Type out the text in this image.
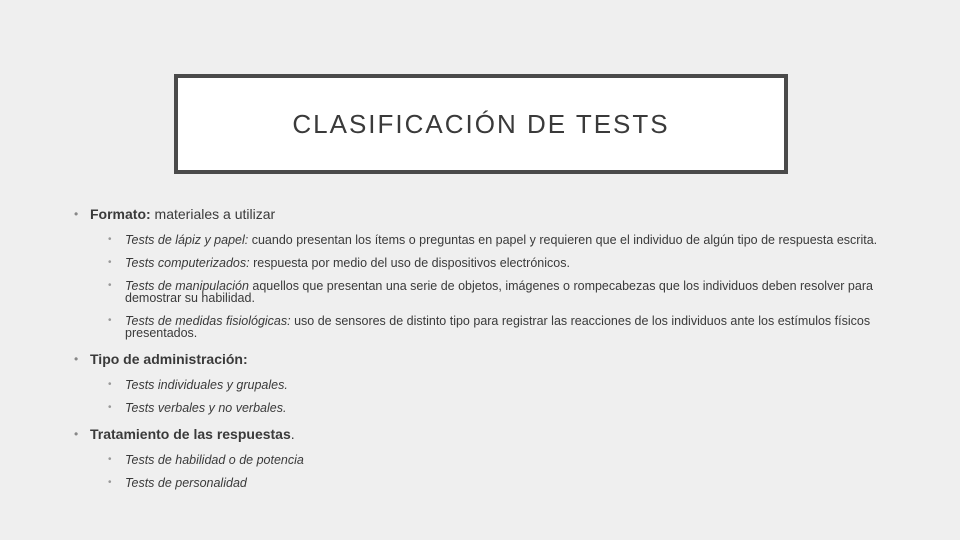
CLASIFICACIÓN DE TESTS
• Formato: materiales a utilizar
• Tests de lápiz y papel: cuando presentan los ítems o preguntas en papel y requieren que el individuo de algún tipo de respuesta escrita.
• Tests computerizados: respuesta por medio del uso de dispositivos electrónicos.
• Tests de manipulación aquellos que presentan una serie de objetos, imágenes o rompecabezas que los individuos deben resolver para demostrar su habilidad.
• Tests de medidas fisiológicas: uso de sensores de distinto tipo para registrar las reacciones de los individuos ante los estímulos físicos presentados.
• Tipo de administración:
• Tests individuales y grupales.
• Tests verbales y no verbales.
• Tratamiento de las respuestas.
• Tests de habilidad o de potencia
• Tests de personalidad
